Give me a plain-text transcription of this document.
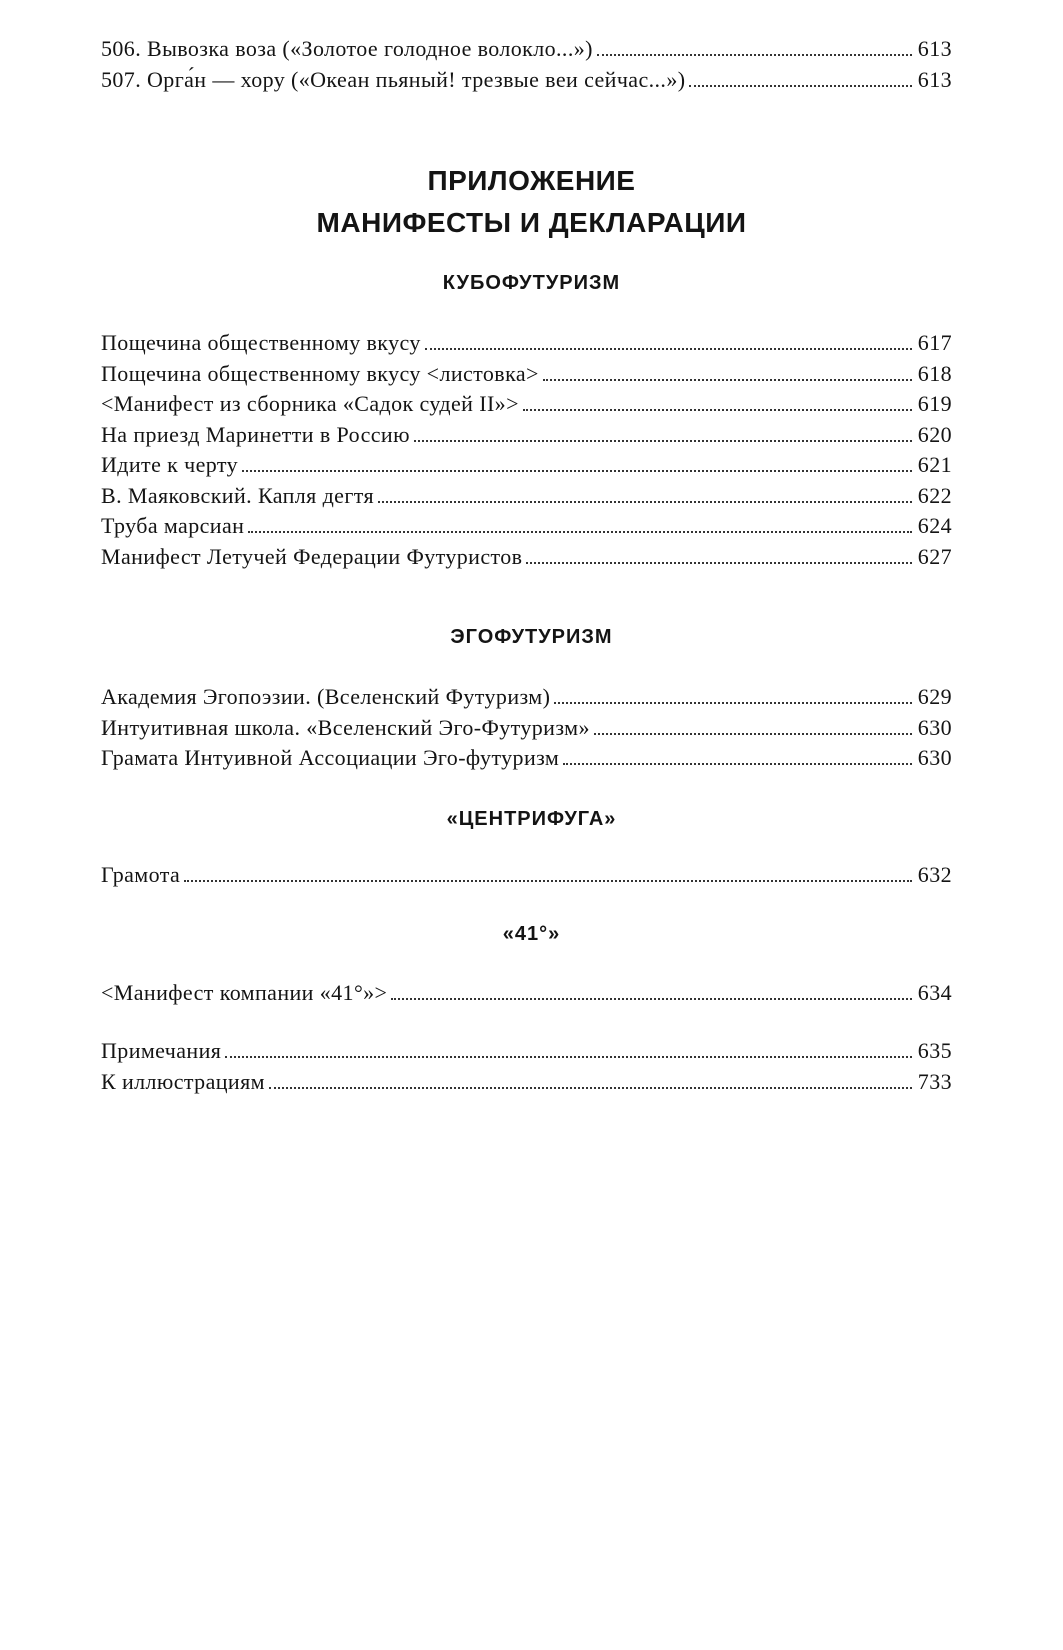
506. Вывозка воза («Золотое голодное волокло...»)	613
507. Орга́н — хору («Океан пьяный! трезвые веи сейчас...»)	613
ПРИЛОЖЕНИЕ
МАНИФЕСТЫ И ДЕКЛАРАЦИИ
КУБОФУТУРИЗМ
Пощечина общественному вкусу	617
Пощечина общественному вкусу <листовка>	618
<Манифест из сборника «Садок судей II»>	619
На приезд Маринетти в Россию	620
Идите к черту	621
В. Маяковский. Капля дегтя	622
Труба марсиан	624
Манифест Летучей Федерации Футуристов	627
ЭГОФУТУРИЗМ
Академия Эгопоэзии. (Вселенский Футуризм)	629
Интуитивная школа. «Вселенский Эго-Футуризм»	630
Грамата Интуивной Ассоциации Эго-футуризм	630
«ЦЕНТРИФУГА»
Грамота	632
«41°»
<Манифест компании «41°»>	634
Примечания	635
К иллюстрациям	733
